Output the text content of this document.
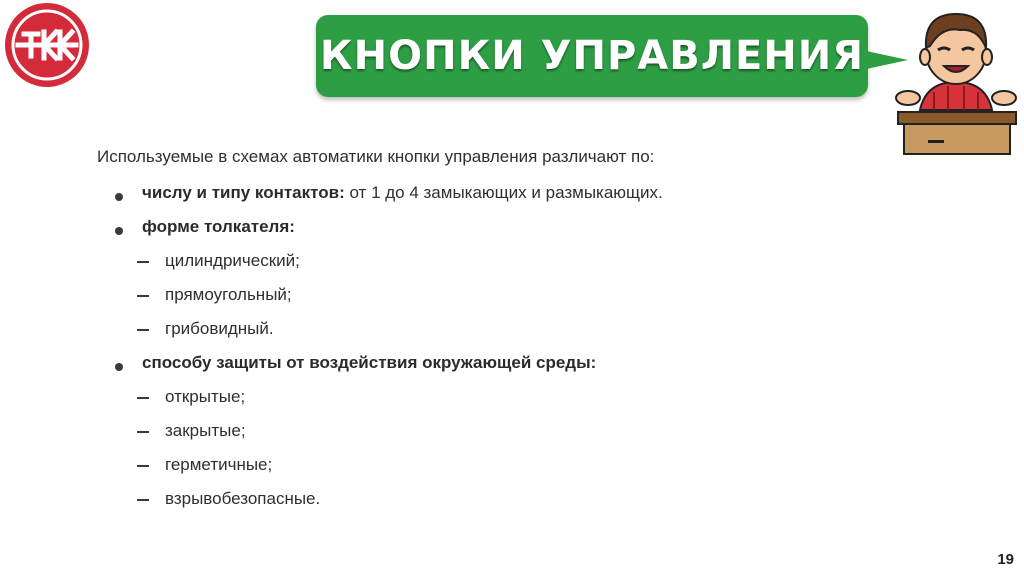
КНОПКИ УПРАВЛЕНИЯ
Используемые в схемах автоматики кнопки управления различают по:
числу и типу контактов: от 1 до 4 замыкающих и размыкающих.
форме толкателя:
цилиндрический;
прямоугольный;
грибовидный.
способу защиты от воздействия окружающей среды:
открытые;
закрытые;
герметичные;
взрывобезопасные.
19
